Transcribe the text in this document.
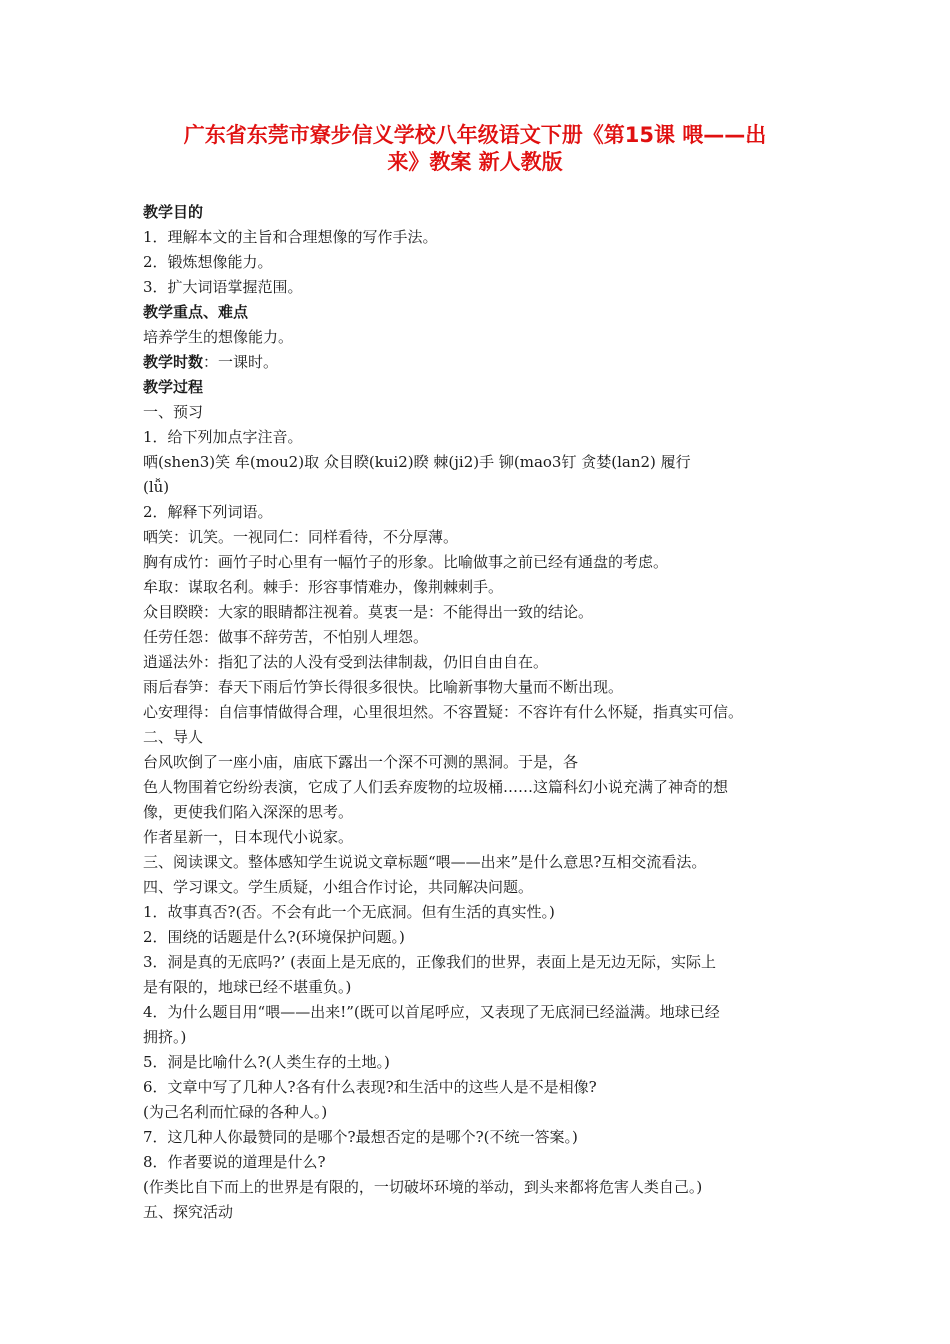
广东省东莞市寮步信义学校八年级语文下册《第15课 喂——出
来》教案 新人教版
教学目的
1．理解本文的主旨和合理想像的写作手法。
2．锻炼想像能力。
3．扩大词语掌握范围。
教学重点、难点
培养学生的想像能力。
教学时数：一课时。
教学过程
一、预习
1．给下列加点字注音。
哂(shen3)笑 牟(mou2)取 众目睽(kui2)睽 棘(ji2)手 铆(mao3钉 贪婪(lan2) 履行
(lǚ)
2．解释下列词语。
哂笑：讥笑。一视同仁：同样看待，不分厚薄。
胸有成竹：画竹子时心里有一幅竹子的形象。比喻做事之前已经有通盘的考虑。
牟取：谋取名利。棘手：形容事情难办，像荆棘刺手。
众目睽睽：大家的眼睛都注视着。莫衷一是：不能得出一致的结论。
任劳任怨：做事不辞劳苦，不怕别人埋怨。
逍遥法外：指犯了法的人没有受到法律制裁，仍旧自由自在。
雨后春笋：春天下雨后竹笋长得很多很快。比喻新事物大量而不断出现。
心安理得：自信事情做得合理，心里很坦然。不容置疑：不容许有什么怀疑，指真实可信。
二、导人
台风吹倒了一座小庙，庙底下露出一个深不可测的黑洞。于是，各
色人物围着它纷纷表演，它成了人们丢弃废物的垃圾桶……这篇科幻小说充满了神奇的想
像，更使我们陷入深深的思考。
作者星新一，日本现代小说家。
三、阅读课文。整体感知学生说说文章标题“喂——出来”是什么意思?互相交流看法。
四、学习课文。学生质疑，小组合作讨论，共同解决问题。
1．故事真否?(否。不会有此一个无底洞。但有生活的真实性。)
2．围绕的话题是什么?(环境保护问题。)
3．洞是真的无底吗?’ (表面上是无底的，正像我们的世界，表面上是无边无际，实际上
是有限的，地球已经不堪重负。)
4．为什么题目用“喂——出来!”(既可以首尾呼应，又表现了无底洞已经溢满。地球已经
拥挤。)
5．洞是比喻什么?(人类生存的土地。)
6．文章中写了几种人?各有什么表现?和生活中的这些人是不是相像?
(为己名利而忙碌的各种人。)
7．这几种人你最赞同的是哪个?最想否定的是哪个?(不统一答案。)
8．作者要说的道理是什么?
(作类比自下而上的世界是有限的，一切破坏环境的举动，到头来都将危害人类自己。)
五、探究活动
